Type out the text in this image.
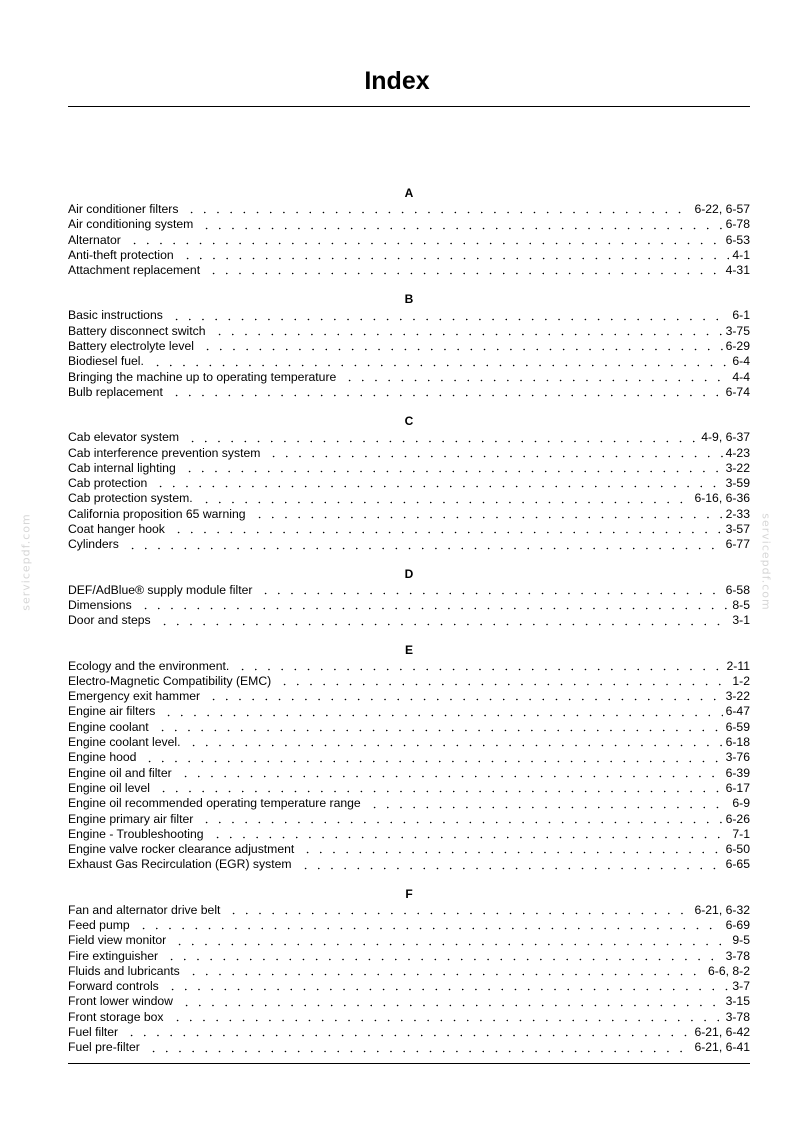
Index
servicepdf.com	servicepdf.com
A
Air conditioner filters	6-22, 6-57
Air conditioning system	6-78
Alternator	6-53
Anti-theft protection	4-1
Attachment replacement	4-31
B
Basic instructions	6-1
Battery disconnect switch	3-75
Battery electrolyte level	6-29
Biodiesel fuel.	6-4
Bringing the machine up to operating temperature	4-4
Bulb replacement	6-74
C
Cab elevator system	4-9, 6-37
Cab interference prevention system	4-23
Cab internal lighting	3-22
Cab protection	3-59
Cab protection system.	6-16, 6-36
California proposition 65 warning	2-33
Coat hanger hook	3-57
Cylinders	6-77
D
DEF/AdBlue® supply module filter	6-58
Dimensions	8-5
Door and steps	3-1
E
Ecology and the environment.	2-11
Electro-Magnetic Compatibility (EMC)	1-2
Emergency exit hammer	3-22
Engine air filters	6-47
Engine coolant	6-59
Engine coolant level.	6-18
Engine hood	3-76
Engine oil and filter	6-39
Engine oil level	6-17
Engine oil recommended operating temperature range	6-9
Engine primary air filter	6-26
Engine - Troubleshooting	7-1
Engine valve rocker clearance adjustment	6-50
Exhaust Gas Recirculation (EGR) system	6-65
F
Fan and alternator drive belt	6-21, 6-32
Feed pump	6-69
Field view monitor	9-5
Fire extinguisher	3-78
Fluids and lubricants	6-6, 8-2
Forward controls	3-7
Front lower window	3-15
Front storage box	3-78
Fuel filter	6-21, 6-42
Fuel pre-filter	6-21, 6-41
